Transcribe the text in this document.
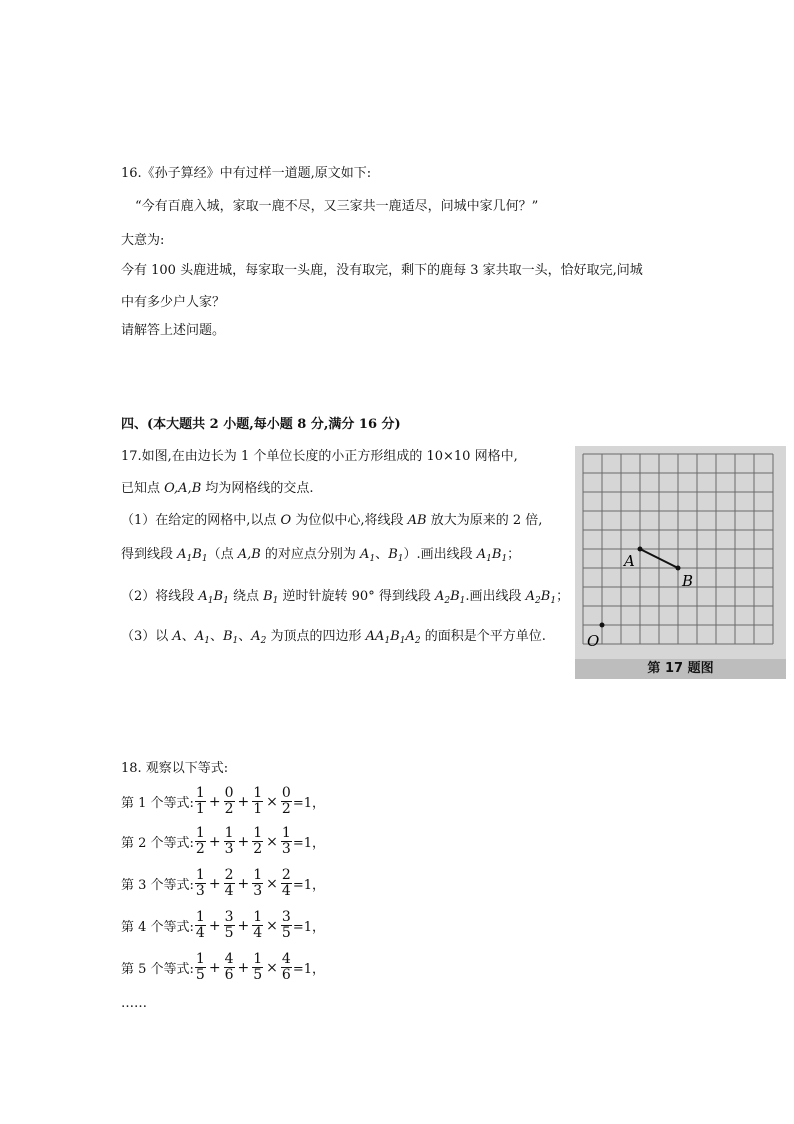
16.《孙子算经》中有过样一道题,原文如下:
“今有百鹿入城，家取一鹿不尽，又三家共一鹿适尽，问城中家几何？”
大意为:
今有 100 头鹿进城，每家取一头鹿，没有取完，剩下的鹿每 3 家共取一头，恰好取完,问城
中有多少户人家？
请解答上述问题。
四、(本大题共 2 小题,每小题 8 分,满分 16 分)
17.如图,在由边长为 1 个单位长度的小正方形组成的 10×10 网格中,
已知点 O,A,B 均为网格线的交点.
（1）在给定的网格中,以点 O 为位似中心,将线段 AB 放大为原来的 2 倍,
得到线段 $A_1B_1$（点 A,B 的对应点分别为 $A_1$、$B_1$）.画出线段 $A_1B_1$；
（2）将线段 $A_1B_1$ 绕点 $B_1$ 逆时针旋转 90° 得到线段 $A_2B_1$.画出线段 $A_2B_1$；
（3）以 A、$A_1$、$B_1$、$A_2$ 为顶点的四边形 $AA_1B_1A_2$ 的面积是个平方单位.
A
B
O
第 17 题图
18. 观察以下等式:
第 1 个等式: $\frac{1}{1} + \frac{0}{2} + \frac{1}{1} \times \frac{0}{2} =1$，
第 2 个等式: $\frac{1}{2} + \frac{1}{3} + \frac{1}{2} \times \frac{1}{3} =1$，
第 3 个等式: $\frac{1}{3} + \frac{2}{4} + \frac{1}{3} \times \frac{2}{4} =1$，
第 4 个等式: $\frac{1}{4} + \frac{3}{5} + \frac{1}{4} \times \frac{3}{5} =1$，
第 5 个等式: $\frac{1}{5} + \frac{4}{6} + \frac{1}{5} \times \frac{4}{6} =1$，
……
